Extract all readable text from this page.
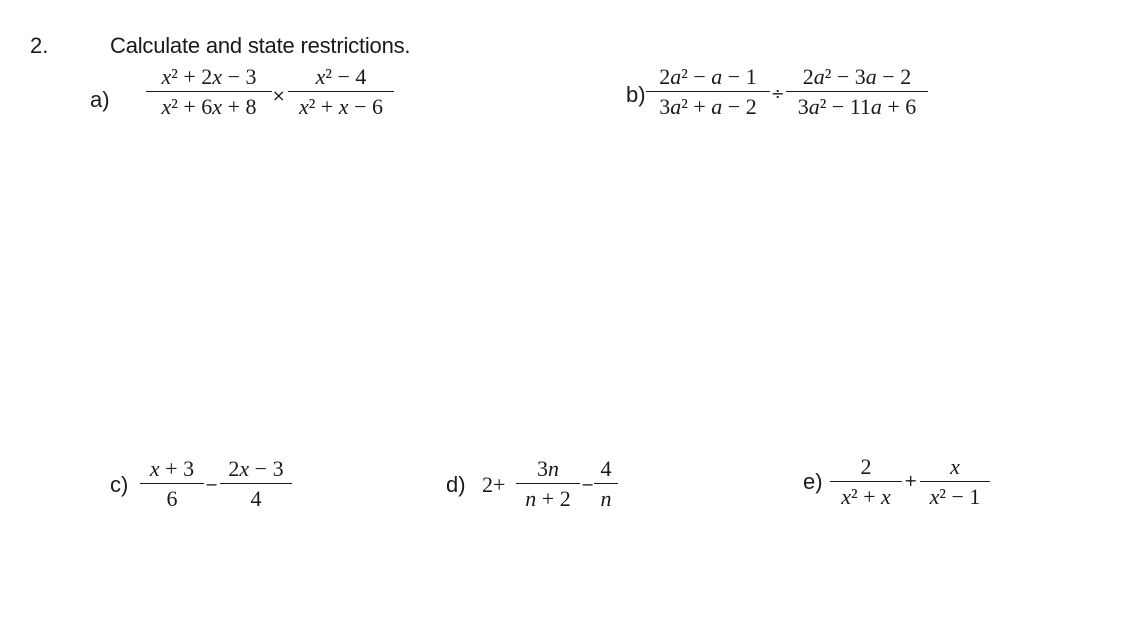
2.	Calculate and state restrictions.
a)
x² + 2x − 3
x² + 6x + 8 ×
x² − 4
x² + x − 6	b)
2a² − a − 1
3a² + a − 2
÷
2a² − 3a − 2
3a² − 11a + 6
c)
x + 3
6
−
2x − 3
4
d) 2+
3n
n + 2
−
4
n
e)
2
x² + x
+
x
x² − 1
